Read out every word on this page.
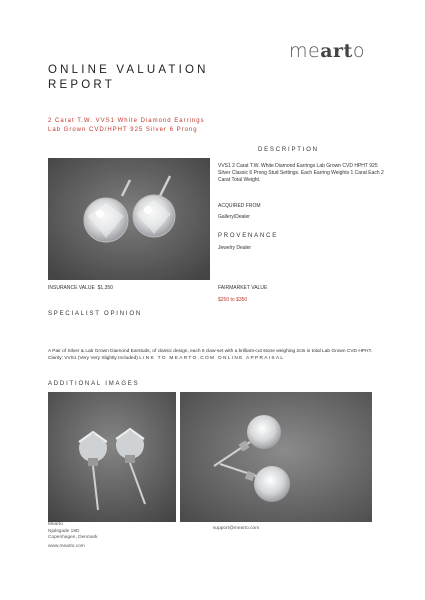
mearto
ONLINE VALUATION REPORT
2 Carat T.W. VVS1 White Diamond Earrings Lab Grown CVD/HPHT 925 Silver 6 Prong
DESCRIPTION
VVS1 2 Carat T.W. White Diamond Earrings Lab Grown CVD HPHT 925 Silver Classic 6 Prong Stud Settings. Each Earring Weights 1 Carat Each 2 Carat Total Weight.
ACQUIRED FROM
Gallery/Dealer
PROVENANCE
Jewelry Dealer
INSURANCE VALUE $1,350	FAIRMARKET VALUE
$250 to $350
SPECIALIST OPINION
A Pair of Silver & Lab Grown Diamond Earstuds, of classic design, each 6 claw-set with a brilliant-cut stone weighing 2cts in total Lab Grown CVD HPHT. Clarity: VVS1 (Very Very Slightly Included) LINK TO MEARTO.COM ONLINE APPRAISAL
ADDITIONAL IMAGES
Mearto
Njalsgade 19D
Copenhagen, Denmark
www.mearto.com
support@mearto.com
